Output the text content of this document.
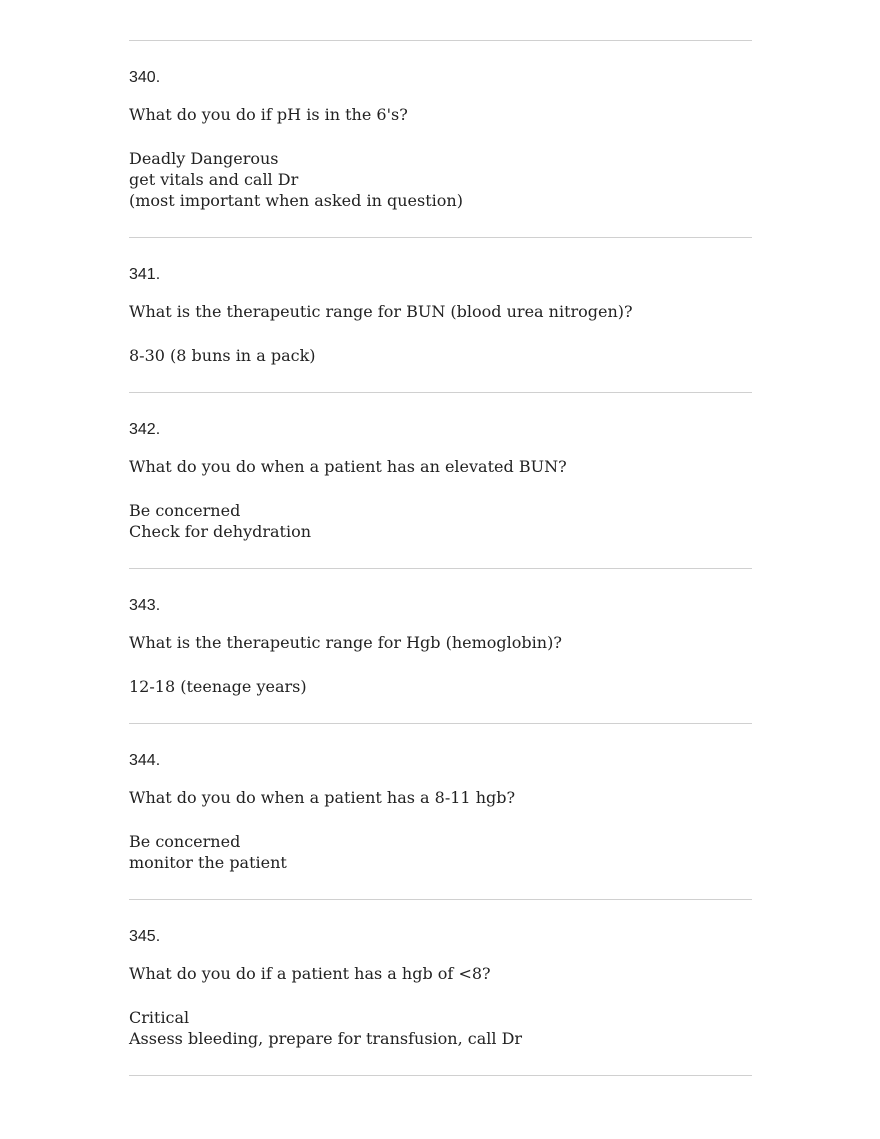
340.

What do you do if pH is in the 6's?

Deadly Dangerous
get vitals and call Dr
(most important when asked in question)

341.

What is the therapeutic range for BUN (blood urea nitrogen)?

8-30 (8 buns in a pack)

342.

What do you do when a patient has an elevated BUN?

Be concerned
Check for dehydration

343.

What is the therapeutic range for Hgb (hemoglobin)?

12-18 (teenage years)

344.

What do you do when a patient has a 8-11 hgb?

Be concerned
monitor the patient

345.

What do you do if a patient has a hgb of <8?

Critical
Assess bleeding, prepare for transfusion, call Dr
